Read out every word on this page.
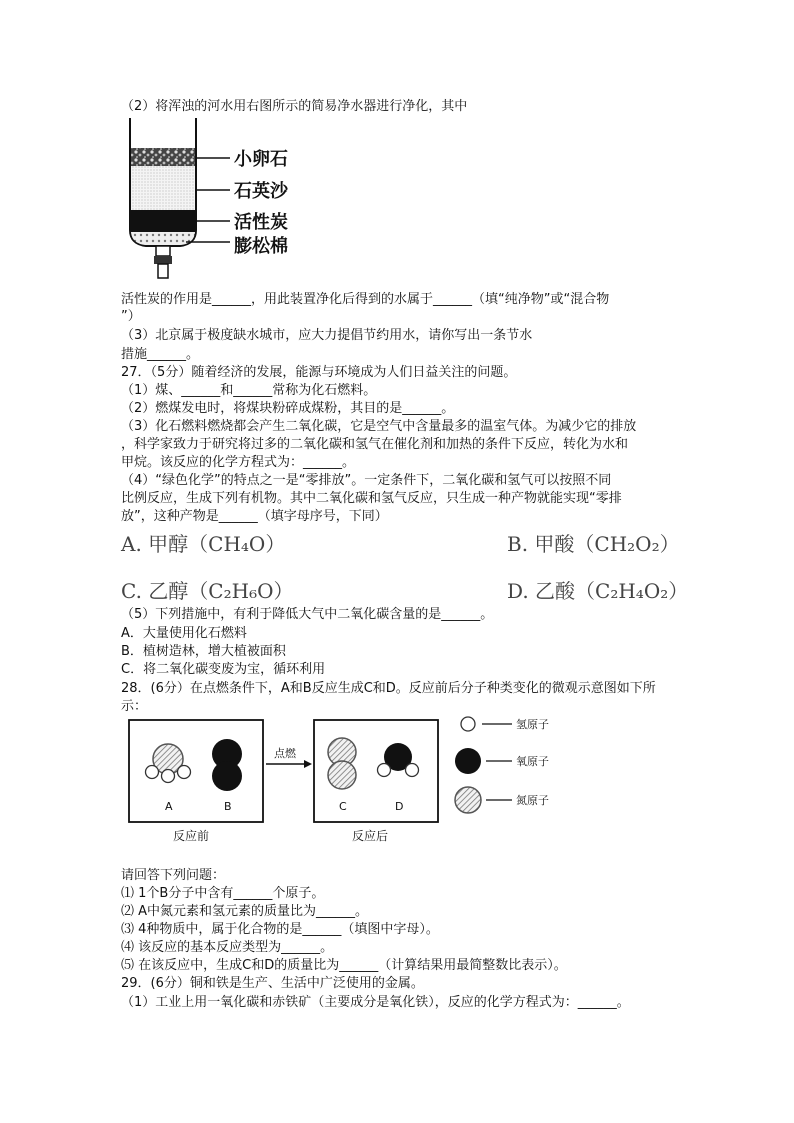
（2）将浑浊的河水用右图所示的简易净水器进行净化，其中
小卵石
石英沙
活性炭
膨松棉
活性炭的作用是______，用此装置净化后得到的水属于______（填“纯净物”或“混合物
”）
（3）北京属于极度缺水城市，应大力提倡节约用水，请你写出一条节水
措施______。
27．（5分）随着经济的发展，能源与环境成为人们日益关注的问题。
（1）煤、______和______常称为化石燃料。
（2）燃煤发电时，将煤块粉碎成煤粉，其目的是______。
（3）化石燃料燃烧都会产生二氧化碳，它是空气中含量最多的温室气体。为减少它的排放
，科学家致力于研究将过多的二氧化碳和氢气在催化剂和加热的条件下反应，转化为水和
甲烷。该反应的化学方程式为：______。
（4）“绿色化学”的特点之一是“零排放”。一定条件下，二氧化碳和氢气可以按照不同
比例反应，生成下列有机物。其中二氧化碳和氢气反应，只生成一种产物就能实现“零排
放”，这种产物是______（填字母序号，下同）
A. 甲醇（CH₄O）	B. 甲酸（CH₂O₂）
C. 乙醇（C₂H₆O）	D. 乙酸（C₂H₄O₂）
（5）下列措施中，有利于降低大气中二氧化碳含量的是______。
A．大量使用化石燃料
B．植树造林，增大植被面积
C．将二氧化碳变废为宝，循环利用
28．(6分）在点燃条件下，A和B反应生成C和D。反应前后分子种类变化的微观示意图如下所
示：
A	B
点燃
C	D
反应前	反应后
氢原子
氧原子
氮原子
请回答下列问题：
⑴ 1个B分子中含有______个原子。
⑵ A中氮元素和氢元素的质量比为______。
⑶ 4种物质中，属于化合物的是______（填图中字母）。
⑷ 该反应的基本反应类型为______。
⑸ 在该反应中，生成C和D的质量比为______（计算结果用最简整数比表示）。
29．(6分）铜和铁是生产、生活中广泛使用的金属。
（1）工业上用一氧化碳和赤铁矿（主要成分是氧化铁），反应的化学方程式为：______。
